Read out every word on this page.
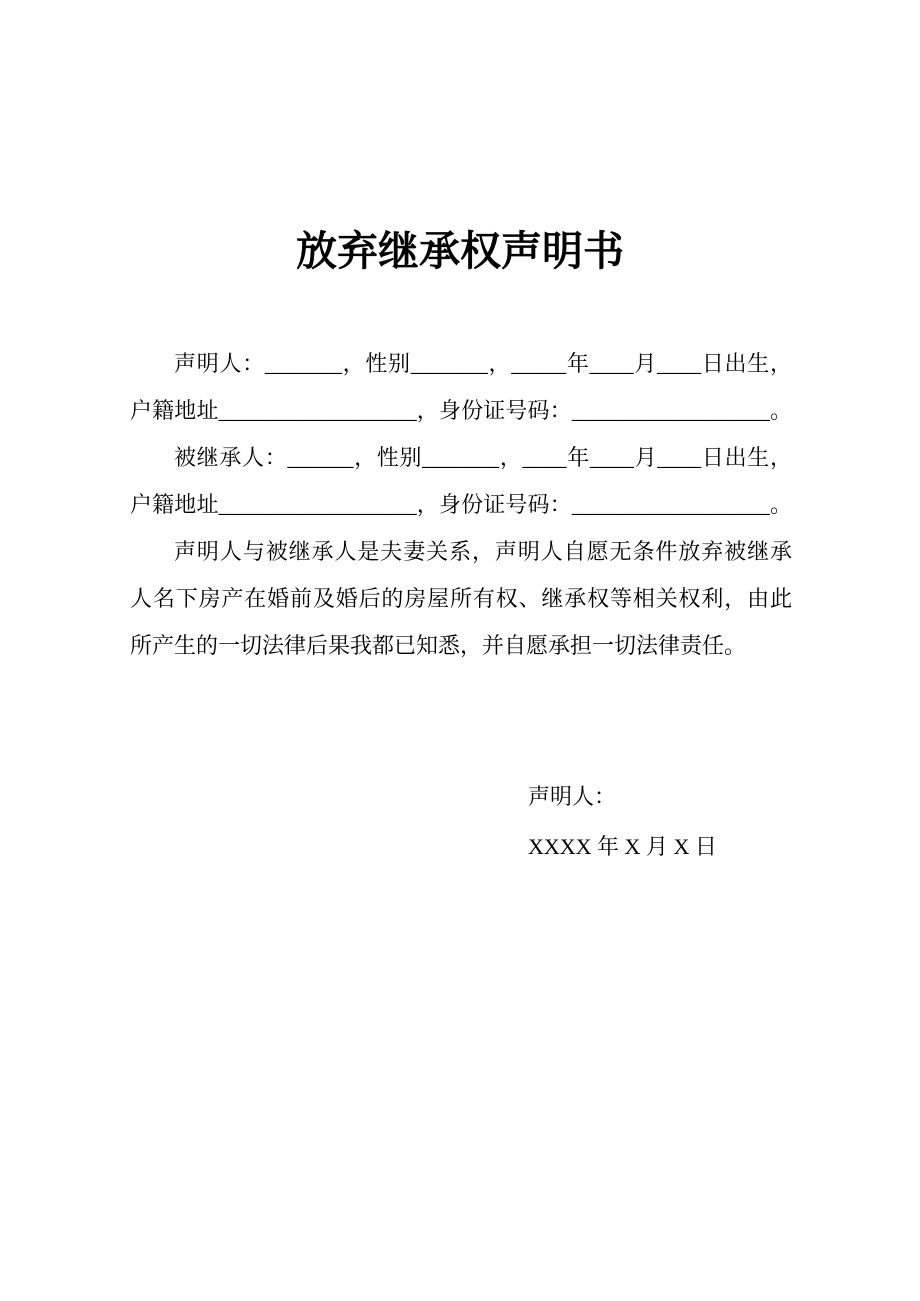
放弃继承权声明书
声明人：_______，性别_______，_____年____月____日出生，
户籍地址__________________，身份证号码：__________________。
被继承人：______，性别_______，____年____月____日出生，
户籍地址__________________，身份证号码：__________________。
声明人与被继承人是夫妻关系，声明人自愿无条件放弃被继承
人名下房产在婚前及婚后的房屋所有权、继承权等相关权利，由此
所产生的一切法律后果我都已知悉，并自愿承担一切法律责任。
声明人：
XXXX 年 X 月 X 日
